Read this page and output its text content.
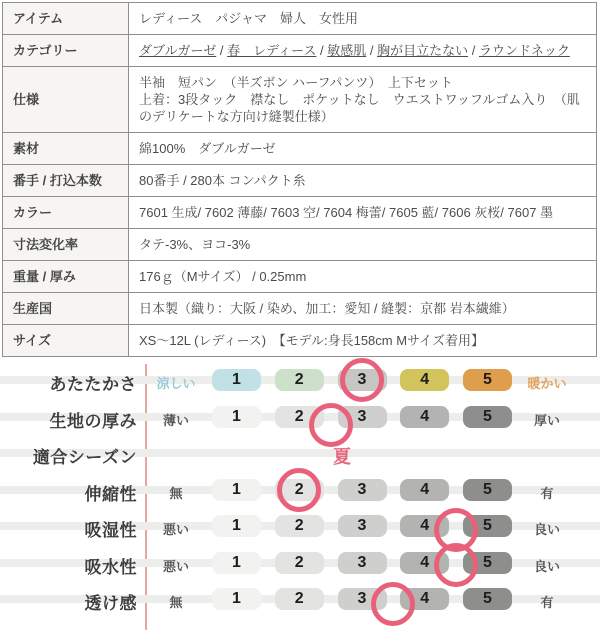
アイテム	レディース　パジャマ　婦人　女性用
カテゴリー	ダブルガーゼ / 春　レディース / 敏感肌 / 胸が目立たない / ラウンドネック
仕様	半袖　短パン　（半ズボン ハーフパンツ）　上下セット
上着：3段タック　襟なし　ポケットなし　ウエストワッフルゴム入り　（肌のデリケートな方向け縫製仕様）

素材	綿100%　ダブルガーゼ
番手 / 打込本数	80番手 / 280本 コンパクト糸
カラー	7601 生成/ 7602 薄藤/ 7603 空/ 7604 梅蕾/ 7605 藍/ 7606 灰桜/ 7607 墨
寸法変化率	タテ-3%、ヨコ-3%
重量 / 厚み	176ｇ（Mサイズ） / 0.25mm
生産国	日本製（織り：大阪 / 染め、加工：愛知 / 縫製：京都 岩本繊維）
サイズ	XS～12L (レディース)　【モデル:身長158cm Mサイズ着用】
あたたかさ	涼しい	1	2	3	4	5	暖かい
生地の厚み	薄い	1	2	3	4	5	厚い
適合シーズン	夏
伸縮性	無	1	2	3	4	5	有
吸湿性	悪い	1	2	3	4	5	良い
吸水性	悪い	1	2	3	4	5	良い
透け感	無	1	2	3	4	5	有
